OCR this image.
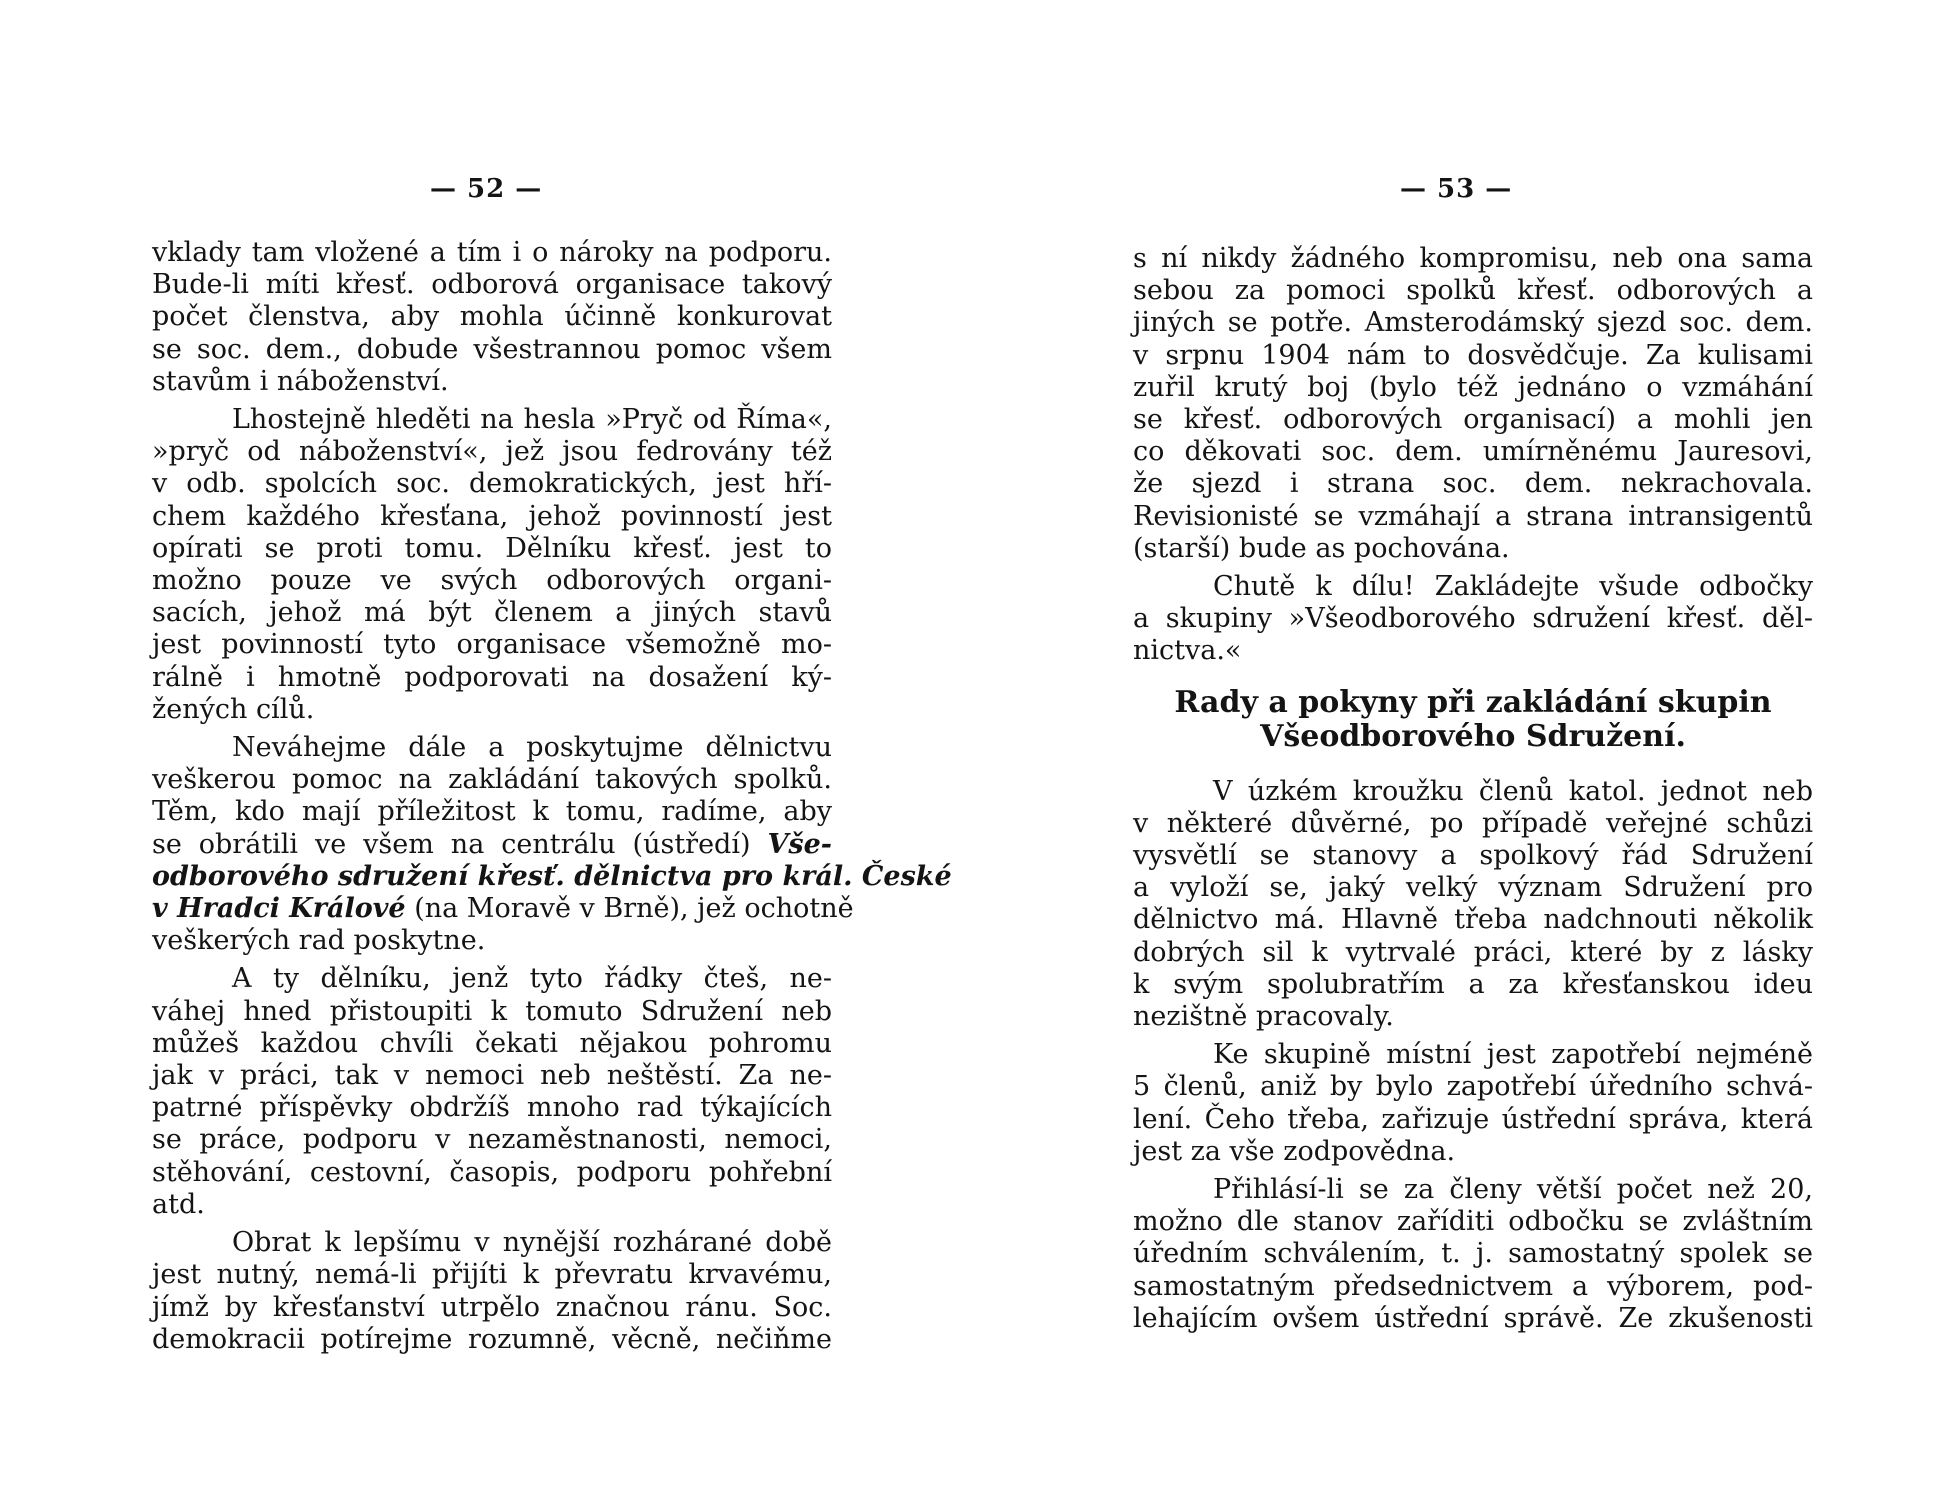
— 52 —

vklady tam vložené a tím i o nároky na podporu.
Bude-li míti křesť. odborová organisace takový
počet členstva, aby mohla účinně konkurovat
se soc. dem., dobude všestrannou pomoc všem
stavům i náboženství.

Lhostejně hleděti na hesla »Pryč od Říma«,
»pryč od náboženství«, jež jsou fedrovány též
v odb. spolcích soc. demokratických, jest hří-
chem každého křesťana, jehož povinností jest
opírati se proti tomu. Dělníku křesť. jest to
možno pouze ve svých odborových organi-
sacích, jehož má být členem a jiných stavů
jest povinností tyto organisace všemožně mo-
rálně i hmotně podporovati na dosažení ký-
žených cílů.

Neváhejme dále a poskytujme dělnictvu
veškerou pomoc na zakládání takových spolků.
Těm, kdo mají příležitost k tomu, radíme, aby
se obrátili ve všem na centrálu (ústředí) Vše-
odborového sdružení křesť. dělnictva pro král. České
v Hradci Králové (na Moravě v Brně), jež ochotně
veškerých rad poskytne.

A ty dělníku, jenž tyto řádky čteš, ne-
váhej hned přistoupiti k tomuto Sdružení neb
můžeš každou chvíli čekati nějakou pohromu
jak v práci, tak v nemoci neb neštěstí. Za ne-
patrné příspěvky obdržíš mnoho rad týkajících
se práce, podporu v nezaměstnanosti, nemoci,
stěhování, cestovní, časopis, podporu pohřební
atd.

Obrat k lepšímu v nynější rozhárané době
jest nutný, nemá-li přijíti k převratu krvavému,
jímž by křesťanství utrpělo značnou ránu. Soc.
demokracii potírejme rozumně, věcně, nečiňme

— 53 —

s ní nikdy žádného kompromisu, neb ona sama
sebou za pomoci spolků křesť. odborových a
jiných se potře. Amsterodámský sjezd soc. dem.
v srpnu 1904 nám to dosvědčuje. Za kulisami
zuřil krutý boj (bylo též jednáno o vzmáhání
se křesť. odborových organisací) a mohli jen
co děkovati soc. dem. umírněnému Jauresovi,
že sjezd i strana soc. dem. nekrachovala.
Revisionisté se vzmáhají a strana intransigentů
(starší) bude as pochována.

Chutě k dílu! Zakládejte všude odbočky
a skupiny »Všeodborového sdružení křesť. děl-
nictva.«

Rady a pokyny při zakládání skupin
Všeodborového Sdružení.

V úzkém kroužku členů katol. jednot neb
v některé důvěrné, po případě veřejné schůzi
vysvětlí se stanovy a spolkový řád Sdružení
a vyloží se, jaký velký význam Sdružení pro
dělnictvo má. Hlavně třeba nadchnouti několik
dobrých sil k vytrvalé práci, které by z lásky
k svým spolubratřím a za křesťanskou ideu
nezištně pracovaly.

Ke skupině místní jest zapotřebí nejméně
5 členů, aniž by bylo zapotřebí úředního schvá-
lení. Čeho třeba, zařizuje ústřední správa, která
jest za vše zodpovědna.

Přihlásí-li se za členy větší počet než 20,
možno dle stanov zaříditi odbočku se zvláštním
úředním schválením, t. j. samostatný spolek se
samostatným předsednictvem a výborem, pod-
lehajícím ovšem ústřední správě. Ze zkušenosti
